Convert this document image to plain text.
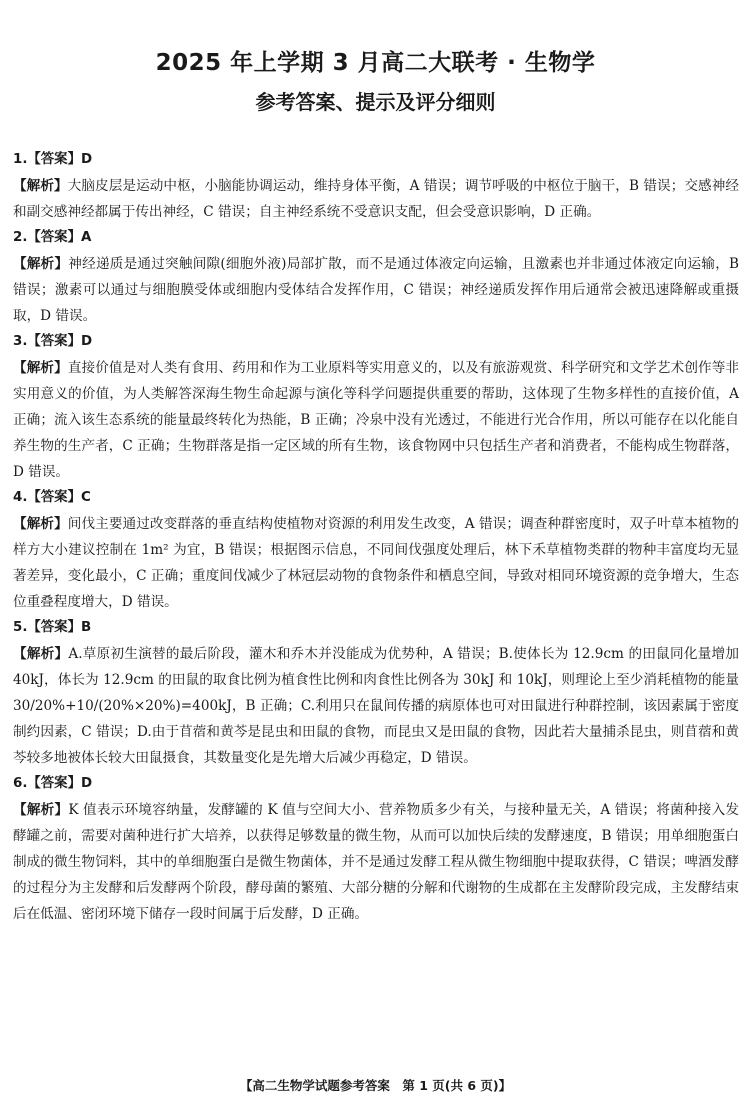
2025 年上学期 3 月高二大联考 · 生物学
参考答案、提示及评分细则
1.【答案】D

【解析】大脑皮层是运动中枢，小脑能协调运动，维持身体平衡，A 错误；调节呼吸的中枢位于脑干，B 错误；交感神经和副交感神经都属于传出神经，C 错误；自主神经系统不受意识支配，但会受意识影响，D 正确。

2.【答案】A

【解析】神经递质是通过突触间隙(细胞外液)局部扩散，而不是通过体液定向运输，且激素也并非通过体液定向运输，B 错误；激素可以通过与细胞膜受体或细胞内受体结合发挥作用，C 错误；神经递质发挥作用后通常会被迅速降解或重摄取，D 错误。

3.【答案】D

【解析】直接价值是对人类有食用、药用和作为工业原料等实用意义的，以及有旅游观赏、科学研究和文学艺术创作等非实用意义的价值，为人类解答深海生物生命起源与演化等科学问题提供重要的帮助，这体现了生物多样性的直接价值，A 正确；流入该生态系统的能量最终转化为热能，B 正确；冷泉中没有光透过，不能进行光合作用，所以可能存在以化能自养生物的生产者，C 正确；生物群落是指一定区域的所有生物，该食物网中只包括生产者和消费者，不能构成生物群落，D 错误。

4.【答案】C

【解析】间伐主要通过改变群落的垂直结构使植物对资源的利用发生改变，A 错误；调查种群密度时，双子叶草本植物的样方大小建议控制在 1m² 为宜，B 错误；根据图示信息，不同间伐强度处理后，林下禾草植物类群的物种丰富度均无显著差异，变化最小，C 正确；重度间伐减少了林冠层动物的食物条件和栖息空间，导致对相同环境资源的竞争增大，生态位重叠程度增大，D 错误。

5.【答案】B

【解析】A.草原初生演替的最后阶段，灌木和乔木并没能成为优势种，A 错误；B.使体长为 12.9cm 的田鼠同化量增加 40kJ，体长为 12.9cm 的田鼠的取食比例为植食性比例和肉食性比例各为 30kJ 和 10kJ，则理论上至少消耗植物的能量 30/20%+10/(20%×20%)=400kJ，B 正确；C.利用只在鼠间传播的病原体也可对田鼠进行种群控制，该因素属于密度制约因素，C 错误；D.由于苜蓿和黄芩是昆虫和田鼠的食物，而昆虫又是田鼠的食物，因此若大量捕杀昆虫，则苜蓿和黄芩较多地被体长较大田鼠摄食，其数量变化是先增大后减少再稳定，D 错误。

6.【答案】D

【解析】K 值表示环境容纳量，发酵罐的 K 值与空间大小、营养物质多少有关，与接种量无关，A 错误；将菌种接入发酵罐之前，需要对菌种进行扩大培养，以获得足够数量的微生物，从而可以加快后续的发酵速度，B 错误；用单细胞蛋白制成的微生物饲料，其中的单细胞蛋白是微生物菌体，并不是通过发酵工程从微生物细胞中提取获得，C 错误；啤酒发酵的过程分为主发酵和后发酵两个阶段，酵母菌的繁殖、大部分糖的分解和代谢物的生成都在主发酵阶段完成，主发酵结束后在低温、密闭环境下储存一段时间属于后发酵，D 正确。

【高二生物学试题参考答案　第 1 页(共 6 页)】
